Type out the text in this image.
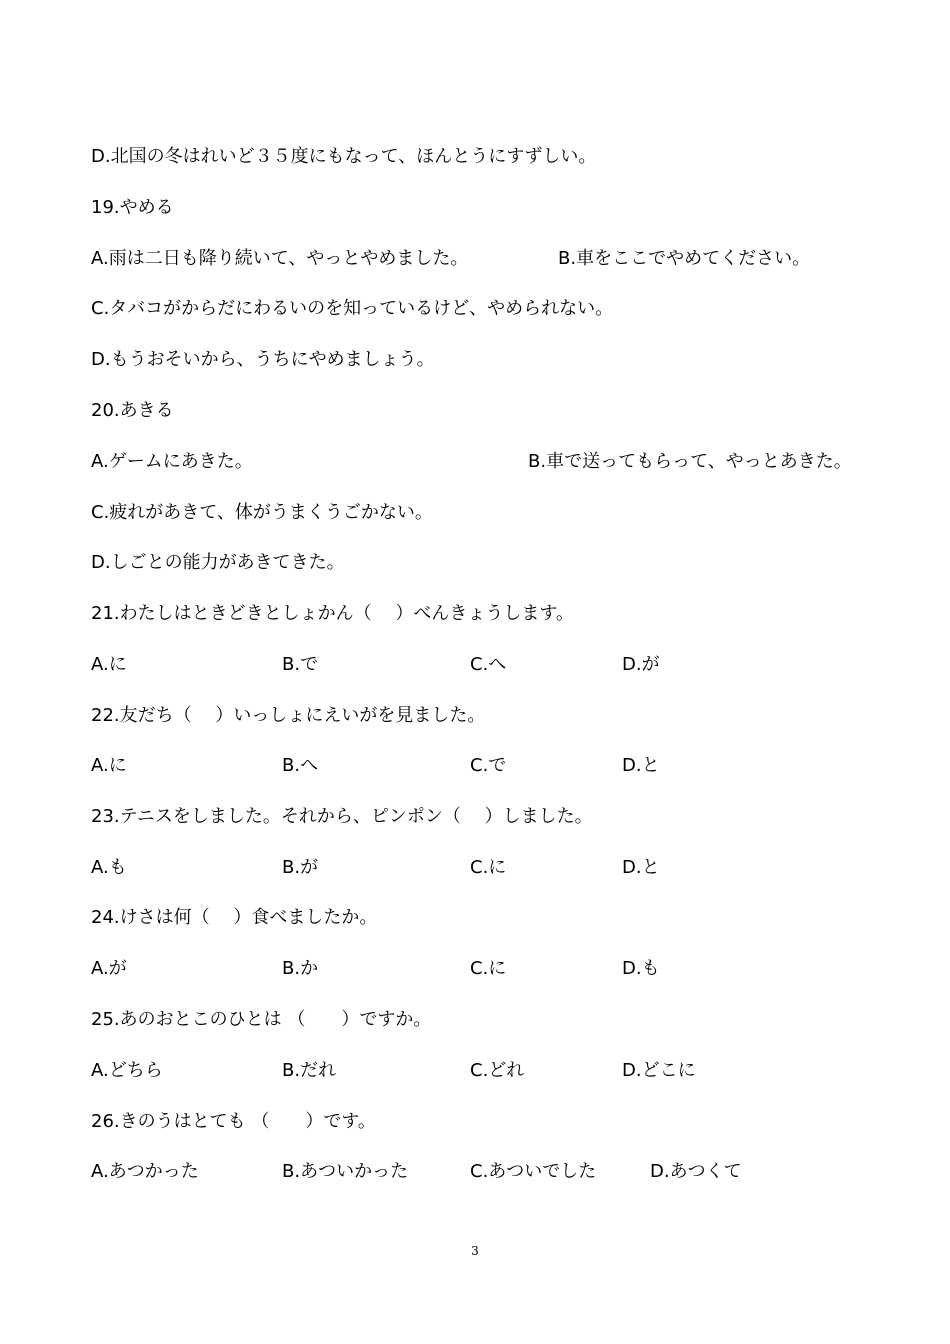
D.北国の冬はれいど３５度にもなって、ほんとうにすずしい。
19.やめる
A.雨は二日も降り続いて、やっとやめました。	B.車をここでやめてください。
C.タバコがからだにわるいのを知っているけど、やめられない。
D.もうおそいから、うちにやめましょう。
20.あきる
A.ゲームにあきた。	B.車で送ってもらって、やっとあきた。
C.疲れがあきて、体がうまくうごかない。
D.しごとの能力があきてきた。
21.わたしはときどきとしょかん（　 ）べんきょうします。
A.に	B.で	C.へ	D.が
22.友だち（　 ）いっしょにえいがを見ました。
A.に	B.へ	C.で	D.と
23.テニスをしました。それから、ピンポン（　 ）しました。
A.も	B.が	C.に	D.と
24.けさは何（　 ）食べましたか。
A.が	B.か	C.に	D.も
25.あのおとこのひとは （　　）ですか。
A.どちら	B.だれ	C.どれ	D.どこに
26.きのうはとても （　　）です。
A.あつかった	B.あついかった	C.あついでした	D.あつくて
3
